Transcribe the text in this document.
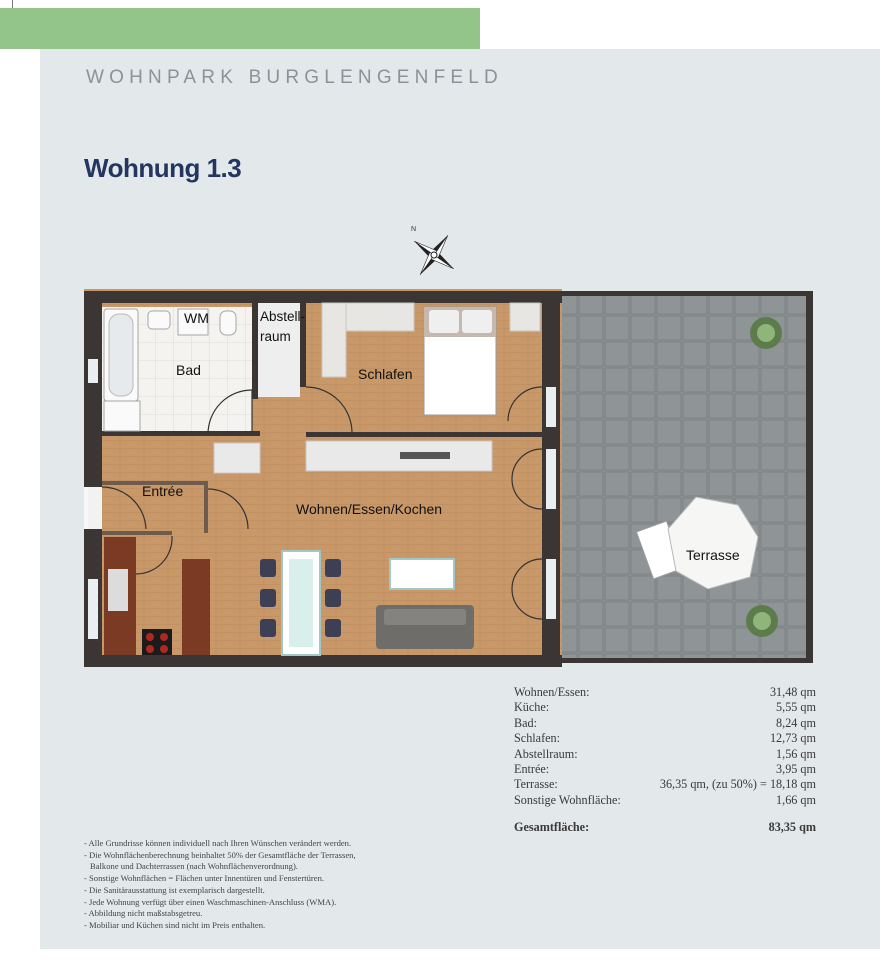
WOHNPARK BURGLENGENFELD
Wohnung 1.3
N
Bad
WM	Abstell-
raum
Schlafen
Entrée
Wohnen/Essen/Kochen
Terrasse
Wohnen/Essen:	31,48 qm
Küche:	5,55 qm
Bad:	8,24 qm
Schlafen:	12,73 qm
Abstellraum:	1,56 qm
Entrée:	3,95 qm
Terrasse:	36,35 qm, (zu 50%) = 18,18 qm
Sonstige Wohnfläche:	1,66 qm
Gesamtfläche:	83,35 qm
- Alle Grundrisse können individuell nach Ihren Wünschen verändert werden.
- Die Wohnflächenberechnung beinhaltet 50% der Gesamtfläche der Terrassen,
Balkone und Dachterrassen (nach Wohnflächenverordnung).
- Sonstige Wohnflächen = Flächen unter Innentüren und Fenstertüren.
- Die Sanitärausstattung ist exemplarisch dargestellt.
- Jede Wohnung verfügt über einen Waschmaschinen-Anschluss (WMA).
- Abbildung nicht maßstabsgetreu.
- Mobiliar und Küchen sind nicht im Preis enthalten.
